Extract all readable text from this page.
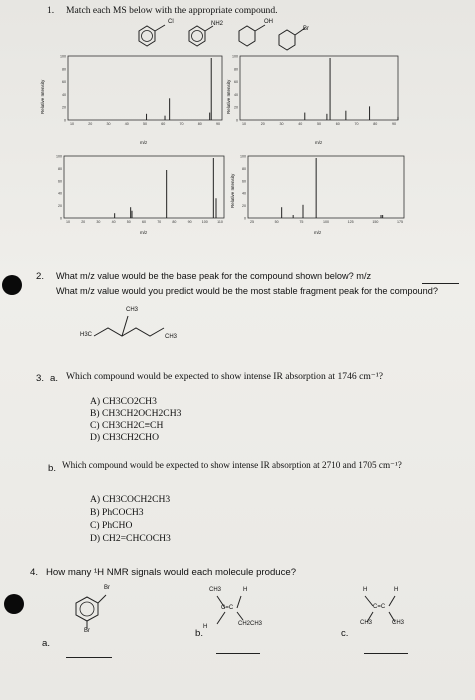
1. Match each MS below with the appropriate compound.
Cl	NH2	OH
Br
100
80
60
40
20
0
10	20	30	40	50	60	70	80	90
m/z
Relative Intensity
100
80
60
40
20
0
10	20	30	40	50	60	70	80	90
m/z
Relative Intensity
100
80
60
40
20
0
10	20	30	40	50	60	70	80	90	100	110
m/z
100
80
60
40
20
0
25	50	75	100	125	150	175
m/z
Relative Intensity
2. What m/z value would be the base peak for the compound shown below? m/z
What m/z value would you predict would be the most stable fragment peak for the compound?
CH3
H3C	CH3
3. a. Which compound would be expected to show intense IR absorption at 1746 cm⁻¹?
A) CH3CO2CH3
B) CH3CH2OCH2CH3
C) CH3CH2C≡CH
D) CH3CH2CHO
b. Which compound would be expected to show intense IR absorption at 2710 and 1705 cm⁻¹?
A) CH3COCH2CH3
B) PhCOCH3
C) PhCHO
D) CH2=CHCOCH3
4. How many ¹H NMR signals would each molecule produce?
Br
Br
a.
CH3	H
C=C
H	CH2CH3
b.
H	H
C=C
CH3	CH3
c.
